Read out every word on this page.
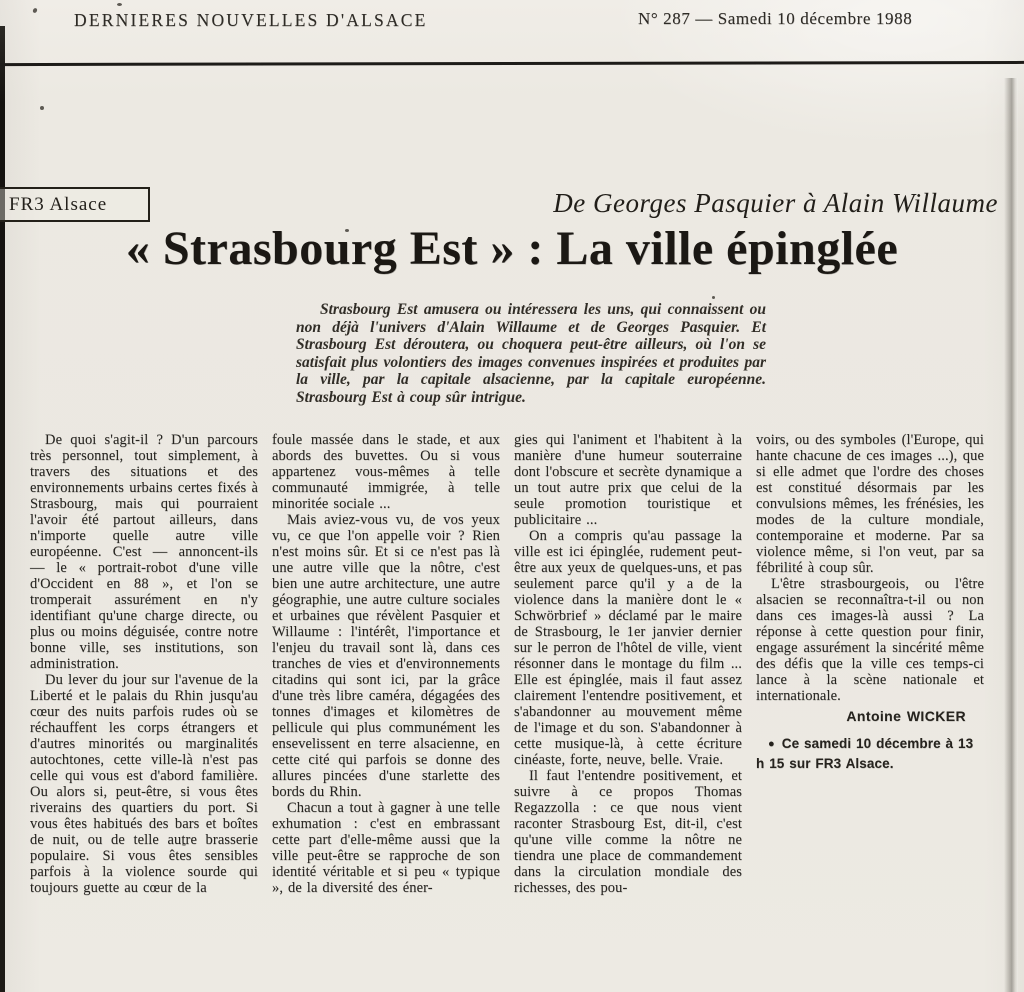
DERNIERES NOUVELLES D'ALSACE	N° 287 — Samedi 10 décembre 1988
FR3 Alsace	De Georges Pasquier à Alain Willaume
« Strasbourg Est » : La ville épinglée
Strasbourg Est amusera ou intéressera les uns, qui connaissent ou non déjà l'univers d'Alain Willaume et de Georges Pasquier. Et Strasbourg Est déroutera, ou choquera peut-être ailleurs, où l'on se satisfait plus volontiers des images convenues inspirées et produites par la ville, par la capitale alsacienne, par la capitale européenne. Strasbourg Est à coup sûr intrigue.

De quoi s'agit-il ? D'un parcours très personnel, tout simplement, à travers des situations et des environnements urbains certes fixés à Strasbourg, mais qui pourraient l'avoir été partout ailleurs, dans n'importe quelle autre ville européenne. C'est — annoncent-ils — le « portrait-robot d'une ville d'Occident en 88 », et l'on se tromperait assurément en n'y identifiant qu'une charge directe, ou plus ou moins déguisée, contre notre bonne ville, ses institutions, son administration.

Du lever du jour sur l'avenue de la Liberté et le palais du Rhin jusqu'au cœur des nuits parfois rudes où se réchauffent les corps étrangers et d'autres minorités ou marginalités autochtones, cette ville-là n'est pas celle qui vous est d'abord familière. Ou alors si, peut-être, si vous êtes riverains des quartiers du port. Si vous êtes habitués des bars et boîtes de nuit, ou de telle autre brasserie populaire. Si vous êtes sensibles parfois à la violence sourde qui toujours guette au cœur de la

foule massée dans le stade, et aux abords des buvettes. Ou si vous appartenez vous-mêmes à telle communauté immigrée, à telle minoritée sociale ...

Mais aviez-vous vu, de vos yeux vu, ce que l'on appelle voir ? Rien n'est moins sûr. Et si ce n'est pas là une autre ville que la nôtre, c'est bien une autre architecture, une autre géographie, une autre culture sociales et urbaines que révèlent Pasquier et Willaume : l'intérêt, l'importance et l'enjeu du travail sont là, dans ces tranches de vies et d'environnements citadins qui sont ici, par la grâce d'une très libre caméra, dégagées des tonnes d'images et kilomètres de pellicule qui plus communément les ensevelissent en terre alsacienne, en cette cité qui parfois se donne des allures pincées d'une starlette des bords du Rhin.

Chacun a tout à gagner à une telle exhumation : c'est en embrassant cette part d'elle-même aussi que la ville peut-être se rapproche de son identité véritable et si peu « typique », de la diversité des éner-

gies qui l'animent et l'habitent à la manière d'une humeur souterraine dont l'obscure et secrète dynamique a un tout autre prix que celui de la seule promotion touristique et publicitaire ...

On a compris qu'au passage la ville est ici épinglée, rudement peut-être aux yeux de quelques-uns, et pas seulement parce qu'il y a de la violence dans la manière dont le « Schwörbrief » déclamé par le maire de Strasbourg, le 1er janvier dernier sur le perron de l'hôtel de ville, vient résonner dans le montage du film ... Elle est épinglée, mais il faut assez clairement l'entendre positivement, et s'abandonner au mouvement même de l'image et du son. S'abandonner à cette musique-là, à cette écriture cinéaste, forte, neuve, belle. Vraie.

Il faut l'entendre positivement, et suivre à ce propos Thomas Regazzolla : ce que nous vient raconter Strasbourg Est, dit-il, c'est qu'une ville comme la nôtre ne tiendra une place de commandement dans la circulation mondiale des richesses, des pou-

voirs, ou des symboles (l'Europe, qui hante chacune de ces images ...), que si elle admet que l'ordre des choses est constitué désormais par les convulsions mêmes, les frénésies, les modes de la culture mondiale, contemporaine et moderne. Par sa violence même, si l'on veut, par sa fébrilité à coup sûr.

L'être strasbourgeois, ou l'être alsacien se reconnaîtra-t-il ou non dans ces images-là aussi ? La réponse à cette question pour finir, engage assurément la sincérité même des défis que la ville ces temps-ci lance à la scène nationale et internationale.

Antoine WICKER

● Ce samedi 10 décembre à 13 h 15 sur FR3 Alsace.
